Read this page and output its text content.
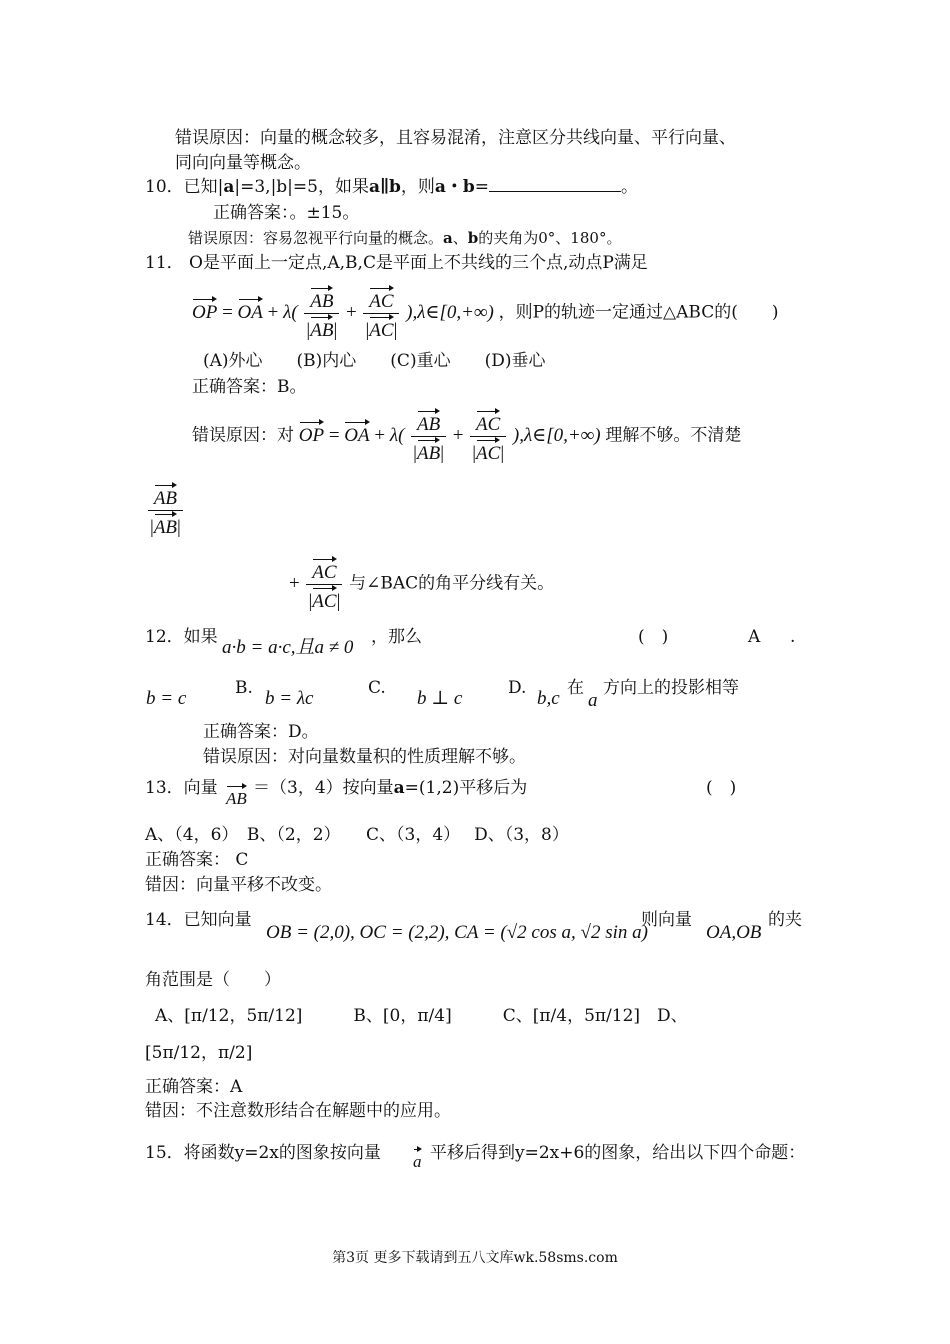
错误原因：向量的概念较多，且容易混淆，注意区分共线向量、平行向量、
同向向量等概念。
10．已知|a|=3,|b|=5，如果a∥b，则a・b=	。
正确答案：。±15。
错误原因：容易忽视平行向量的概念。a、b的夹角为0°、180°。
11． O是平面上一定点,A,B,C是平面上不共线的三个点,动点P满足
OP = OA + $\lambda( \frac{AB}{|AB|} + \frac{AC}{|AC|}$ ),λ∈[0,+∞) ，则P的轨迹一定通过△ABC的(　　)
(A)外心　　(B)内心　　(C)重心　　(D)垂心
正确答案：B。
错误原因：对 OP = OA + $\lambda( \frac{AB}{|AB|} + \frac{AC}{|AC|}$ ),λ∈[0,+∞) 理解不够。不清楚
$\frac{AB}{|AB|}$
+ $\frac{AC}{|AC|}$ 与∠BAC的角平分线有关。
12．如果 a·b = a·c,且a ≠ 0 ，那么	(　)	A .
b = c	B. b = λc	C. b ⊥ c	D. b,c 在
a
方向上的投影相等
正确答案：D。
错误原因：对向量数量积的性质理解不够。
13．向量
AB
＝（3，4）按向量a=(1,2)平移后为	(　)
A、（4，6）　B、（2，2）　　C、（3，4）　 D、（3，8）
正确答案： C
错因：向量平移不改变。
14．已知向量
OB = (2,0), OC = (2,2), CA = (√2 cos a, √2 sin a)
则向量
OA,OB
的夹
角范围是（　　）
A、[π/12，5π/12]　　　B、[0，π/4]　　　C、[π/4，5π/12]　D、
[5π/12，π/2]
正确答案：A
错因：不注意数形结合在解题中的应用。
15．将函数y=2x的图象按向量 a 平移后得到y=2x+6的图象，给出以下四个命题：
第3页 更多下载请到五八文库wk.58sms.com
